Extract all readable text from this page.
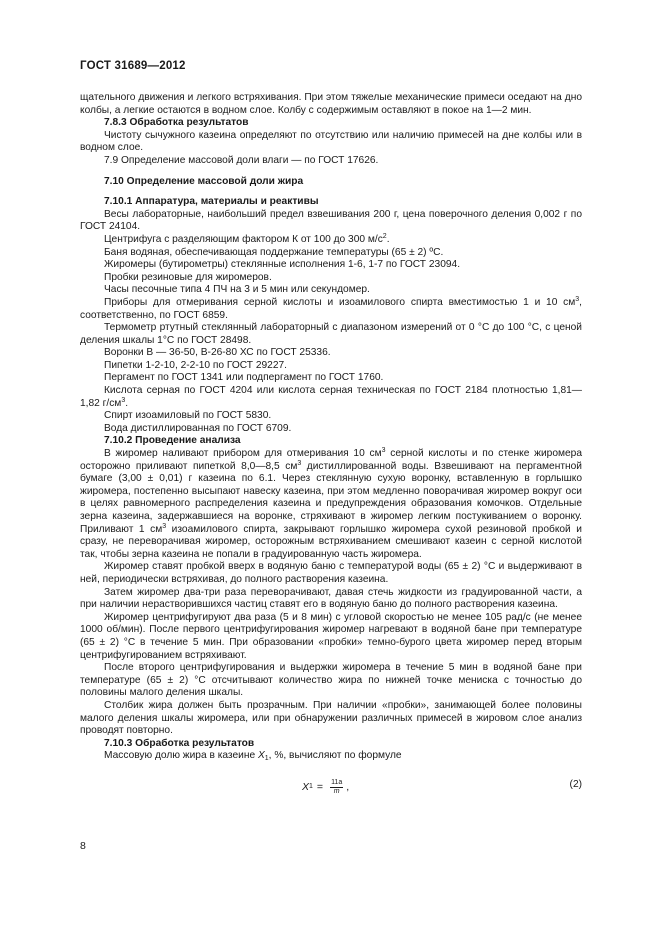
ГОСТ 31689—2012

щательного движения и легкого встряхивания. При этом тяжелые механические примеси оседают на дно колбы, а легкие остаются в водном слое. Колбу с содержимым оставляют в покое на 1—2 мин.

7.8.3 Обработка результатов

Чистоту сычужного казеина определяют по отсутствию или наличию примесей на дне колбы или в водном слое.

7.9 Определение массовой доли влаги — по ГОСТ 17626.

7.10 Определение массовой доли жира

7.10.1 Аппаратура, материалы и реактивы

Весы лабораторные, наибольший предел взвешивания 200 г, цена поверочного деления 0,002 г по ГОСТ 24104.

Центрифуга с разделяющим фактором К от 100 до 300 $м/с^2$.

Баня водяная, обеспечивающая поддержание температуры (65 ± 2) ºС.

Жиромеры (бутирометры) стеклянные исполнения 1-6, 1-7 по ГОСТ 23094.

Пробки резиновые для жиромеров.

Часы песочные типа 4 ПЧ на 3 и 5 мин или секундомер.

Приборы для отмеривания серной кислоты и изоамилового спирта вместимостью 1 и 10 $см^3$, соответственно, по ГОСТ 6859.

Термометр ртутный стеклянный лабораторный с диапазоном измерений от 0 °С до 100 °С, с ценой деления шкалы 1°С по ГОСТ 28498.

Воронки В — 36-50, В-26-80 ХС по ГОСТ 25336.

Пипетки 1-2-10, 2-2-10 по ГОСТ 29227.

Пергамент по ГОСТ 1341 или подпергамент по ГОСТ 1760.

Кислота серная по ГОСТ 4204 или кислота серная техническая по ГОСТ 2184 плотностью 1,81—1,82 $г/см^3$.

Спирт изоамиловый по ГОСТ 5830.

Вода дистиллированная по ГОСТ 6709.

7.10.2 Проведение анализа

В жиромер наливают прибором для отмеривания 10 $см^3$ серной кислоты и по стенке жиромера осторожно приливают пипеткой 8,0—8,5 $см^3$ дистиллированной воды. Взвешивают на пергаментной бумаге (3,00 ± 0,01) г казеина по 6.1. Через стеклянную сухую воронку, вставленную в горлышко жиромера, постепенно высыпают навеску казеина, при этом медленно поворачивая жиромер вокруг оси в целях равномерного распределения казеина и предупреждения образования комочков. Отдельные зерна казеина, задержавшиеся на воронке, стряхивают в жиромер легким постукиванием о воронку. Приливают 1 $см^3$ изоамилового спирта, закрывают горлышко жиромера сухой резиновой пробкой и сразу, не переворачивая жиромер, осторожным встряхиванием смешивают казеин с серной кислотой так, чтобы зерна казеина не попали в градуированную часть жиромера.

Жиромер ставят пробкой вверх в водяную баню с температурой воды (65 ± 2) °С и выдерживают в ней, периодически встряхивая, до полного растворения казеина.

Затем жиромер два-три раза переворачивают, давая стечь жидкости из градуированной части, а при наличии нерастворившихся частиц ставят его в водяную баню до полного растворения казеина.

Жиромер центрифугируют два раза (5 и 8 мин) с угловой скоростью не менее 105 рад/с (не менее 1000 об/мин). После первого центрифугирования жиромер нагревают в водяной бане при температуре (65 ± 2) °С в течение 5 мин. При образовании «пробки» темно-бурого цвета жиромер перед вторым центрифугированием встряхивают.

После второго центрифугирования и выдержки жиромера в течение 5 мин в водяной бане при температуре (65 ± 2) °С отсчитывают количество жира по нижней точке мениска с точностью до половины малого деления шкалы.

Столбик жира должен быть прозрачным. При наличии «пробки», занимающей более половины малого деления шкалы жиромера, или при обнаружении различных примесей в жировом слое анализ проводят повторно.

7.10.3 Обработка результатов

Массовую долю жира в казеине $X_1$, %, вычисляют по формуле

X $1 = \frac{11a}{m}$ ,	(2)
8
